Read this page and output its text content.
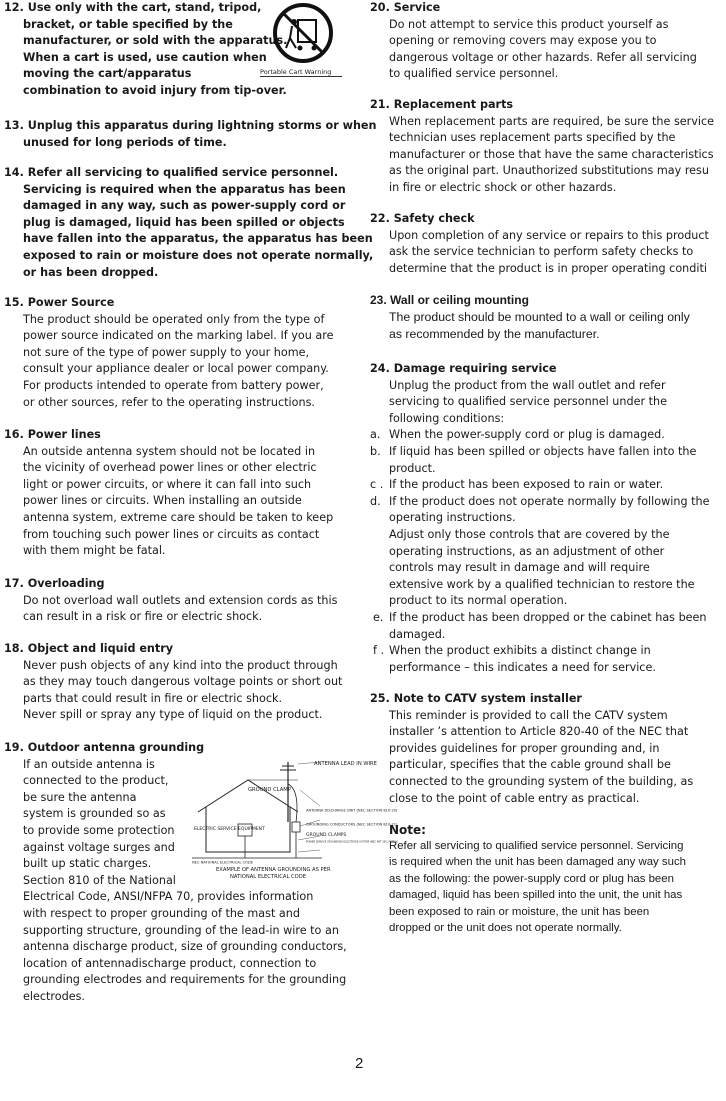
12. Use only with the cart, stand, tripod,
bracket, or table specified by the
manufacturer, or sold with the apparatus.
When a cart is used, use caution when
moving the cart/apparatus
combination to avoid injury from tip-over.
Portable Cart Warning
13. Unplug this apparatus during lightning storms or when
unused for long periods of time.
14. Refer all servicing to qualified service personnel.
Servicing is required when the apparatus has been
damaged in any way, such as power-supply cord or
plug is damaged, liquid has been spilled or objects
have fallen into the apparatus, the apparatus has been
exposed to rain or moisture does not operate normally,
or has been dropped.
15. Power Source
The product should be operated only from the type of
power source indicated on the marking label. If you are
not sure of the type of power supply to your home,
consult your appliance dealer or local power company.
For products intended to operate from battery power,
or other sources, refer to the operating instructions.
16. Power lines
An outside antenna system should not be located in
the vicinity of overhead power lines or other electric
light or power circuits, or where it can fall into such
power lines or circuits. When installing an outside
antenna system, extreme care should be taken to keep
from touching such power lines or circuits as contact
with them might be fatal.
17. Overloading
Do not overload wall outlets and extension cords as this
can result in a risk or fire or electric shock.
18. Object and liquid entry
Never push objects of any kind into the product through
as they may touch dangerous voltage points or short out
parts that could result in fire or electric shock.
Never spill or spray any type of liquid on the product.
19. Outdoor antenna grounding
If an outside antenna is
connected to the product,
be sure the antenna
system is grounded so as
to provide some protection
against voltage surges and
built up static charges.
Section 810 of the National
Electrical Code, ANSI/NFPA 70, provides information
with respect to proper grounding of the mast and
supporting structure, grounding of the lead-in wire to an
antenna discharge product, size of grounding conductors,
location of antennadischarge product, connection to
grounding electrodes and requirements for the grounding
electrodes.
ANTENNA LEAD IN WIRE
GROUND CLAMP
ELECTRIC SERVICE EQUIPMENT
ANTENNA DISCHARGE UNIT (NEC SECTION 810-20)
GROUNDING CONDUCTORS (NEC SECTION 810-21)
GROUND CLAMPS
POWER SERVICE GROUNDING ELECTRODE SYSTEM (NEC ART 250, PART H)
NEC-NATIONAL ELECTRICAL CODE
EXAMPLE OF ANTENNA GROUNDING AS PER
NATIONAL ELECTRICAL CODE
20. Service
Do not attempt to service this product yourself as
opening or removing covers may expose you to
dangerous voltage or other hazards. Refer all servicing
to qualified service personnel.
21. Replacement parts
When replacement parts are required, be sure the service
technician uses replacement parts specified by the
manufacturer or those that have the same characteristics
as the original part. Unauthorized substitutions may resu
in fire or electric shock or other hazards.
22. Safety check
Upon completion of any service or repairs to this product
ask the service technician to perform safety checks to
determine that the product is in proper operating conditi
23. Wall or ceiling mounting
The product should be mounted to a wall or ceiling only
as recommended by the manufacturer.
24. Damage requiring service
Unplug the product from the wall outlet and refer
servicing to qualified service personnel under the
following conditions:
a. When the power-supply cord or plug is damaged.
b. If liquid has been spilled or objects have fallen into the
product.
c . If the product has been exposed to rain or water.
d. If the product does not operate normally by following the
operating instructions.
Adjust only those controls that are covered by the
operating instructions, as an adjustment of other
controls may result in damage and will require
extensive work by a qualified technician to restore the
product to its normal operation.
e. If the product has been dropped or the cabinet has been
damaged.
f . When the product exhibits a distinct change in
performance – this indicates a need for service.
25. Note to CATV system installer
This reminder is provided to call the CATV system
installer ’s attention to Article 820-40 of the NEC that
provides guidelines for proper grounding and, in
particular, specifies that the cable ground shall be
connected to the grounding system of the building, as
close to the point of cable entry as practical.
Note:
Refer all servicing to qualified service personnel. Servicing
is required when the unit has been damaged any way such
as the following: the power-supply cord or plug has been
damaged, liquid has been spilled into the unit, the unit has
been exposed to rain or moisture, the unit has been
dropped or the unit does not operate normally.
2
